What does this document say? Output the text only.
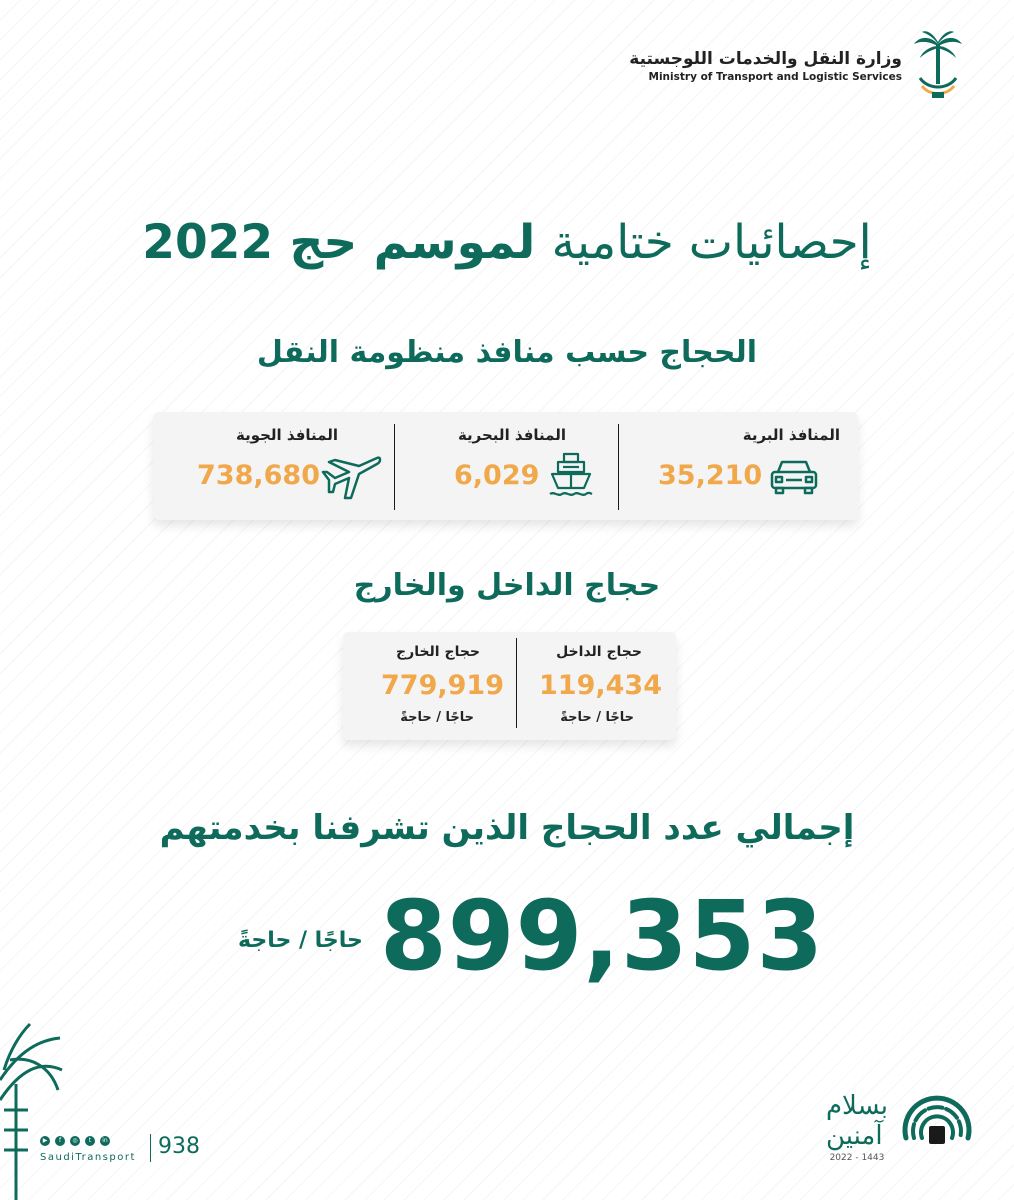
وزارة النقل والخدمات اللوجستية
Ministry of Transport and Logistic Services
إحصائيات ختامية لموسم حج 2022
الحجاج حسب منافذ منظومة النقل
المنافذ البرية
35,210
المنافذ البحرية
6,029
المنافذ الجوية
738,680
حجاج الداخل والخارج
حجاج الداخل
119,434
حاجًا / حاجةً
حجاج الخارج
779,919
حاجًا / حاجةً
إجمالي عدد الحجاج الذين تشرفنا بخدمتهم
899,353
حاجًا / حاجةً
▶	f	◎	t	in
SaudiTransport 938
بسلام
آمنين
2022 - 1443
